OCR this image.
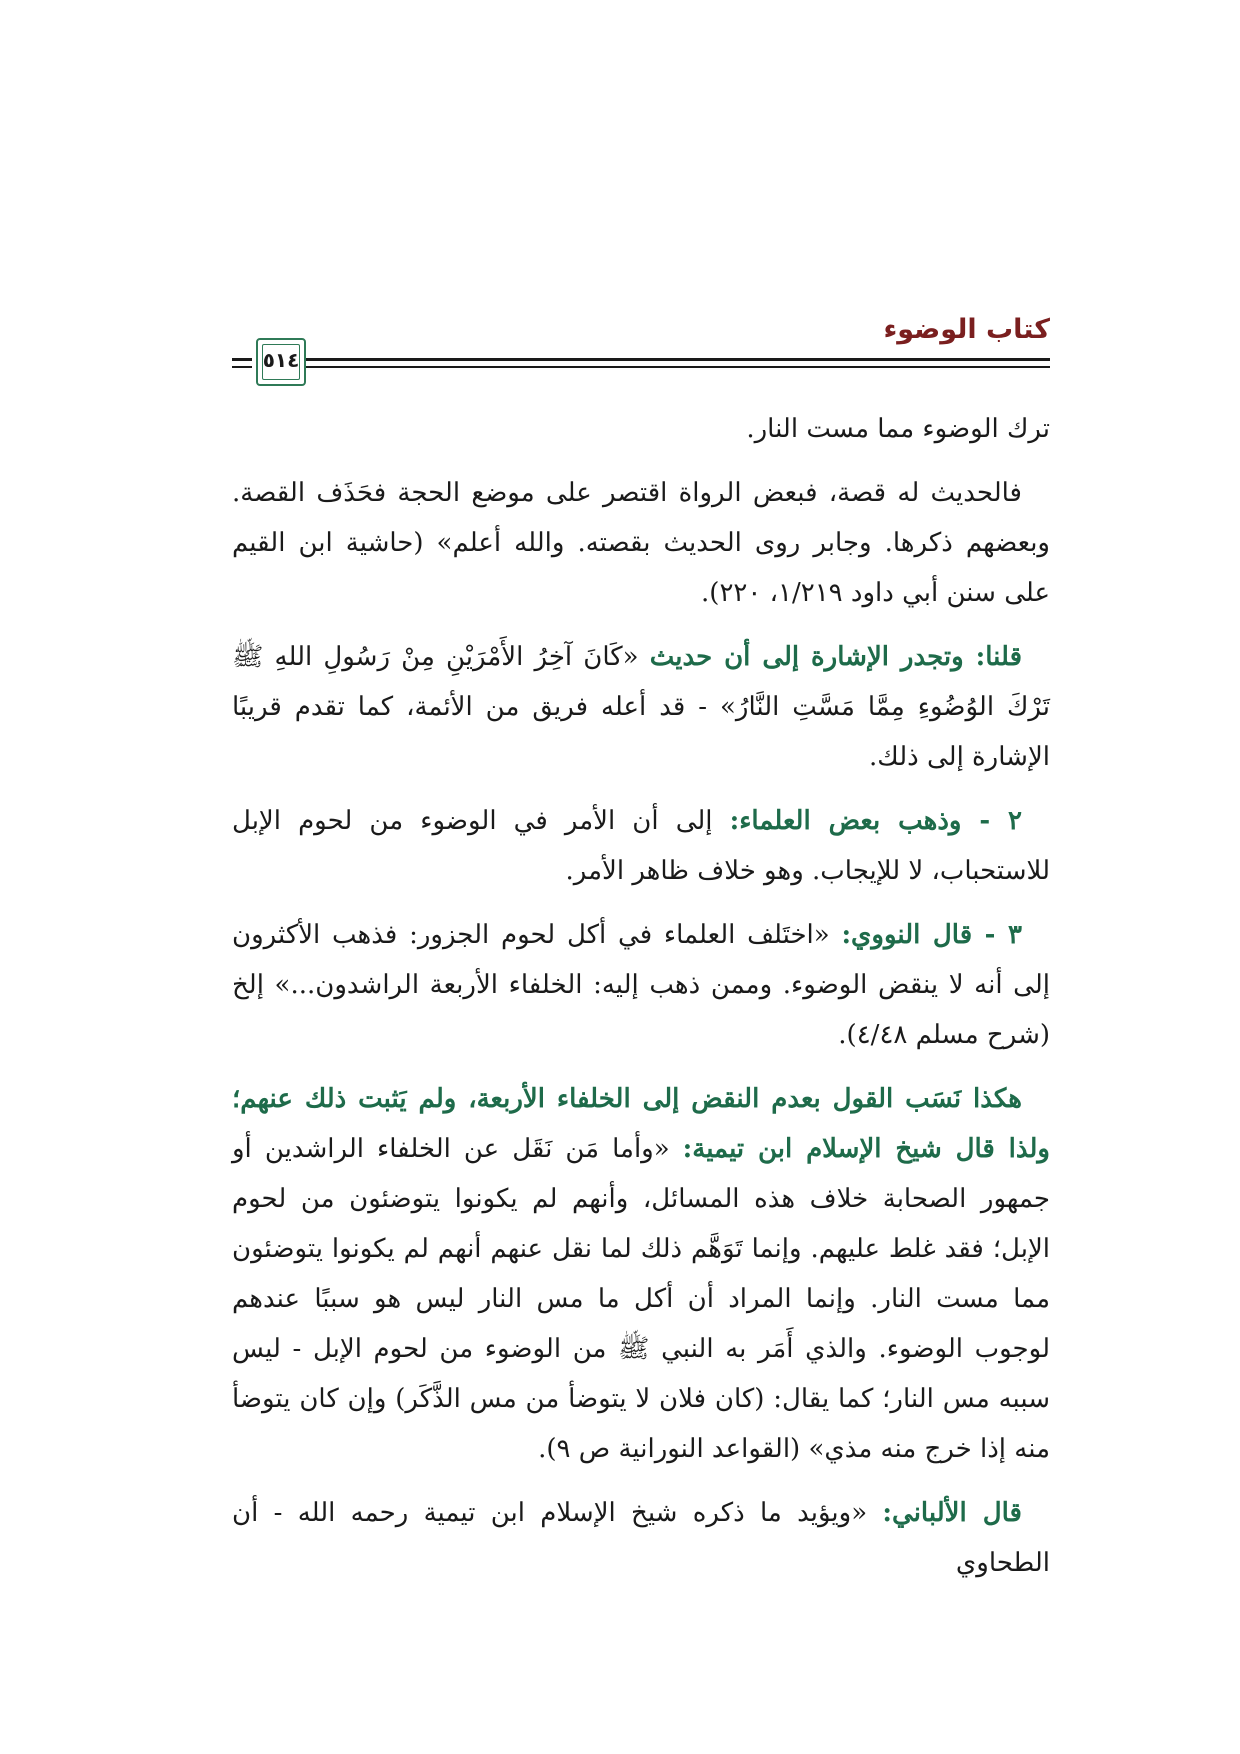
٥١٤
كتاب الوضوء

ترك الوضوء مما مست النار.

فالحديث له قصة، فبعض الرواة اقتصر على موضع الحجة فحَذَف القصة. وبعضهم ذكرها. وجابر روى الحديث بقصته. والله أعلم» (حاشية ابن القيم على سنن أبي داود ١/٢١٩، ٢٢٠).

قلنا: وتجدر الإشارة إلى أن حديث «كَانَ آخِرُ الأَمْرَيْنِ مِنْ رَسُولِ اللهِ ﷺ تَرْكَ الوُضُوءِ مِمَّا مَسَّتِ النَّارُ» - قد أعله فريق من الأئمة، كما تقدم قريبًا الإشارة إلى ذلك.

٢ - وذهب بعض العلماء: إلى أن الأمر في الوضوء من لحوم الإبل للاستحباب، لا للإيجاب. وهو خلاف ظاهر الأمر.

٣ - قال النووي: «اختَلف العلماء في أكل لحوم الجزور: فذهب الأكثرون إلى أنه لا ينقض الوضوء. وممن ذهب إليه: الخلفاء الأربعة الراشدون...» إلخ (شرح مسلم ٤/٤٨).

هكذا نَسَب القول بعدم النقض إلى الخلفاء الأربعة، ولم يَثبت ذلك عنهم؛ ولذا قال شيخ الإسلام ابن تيمية: «وأما مَن نَقَل عن الخلفاء الراشدين أو جمهور الصحابة خلاف هذه المسائل، وأنهم لم يكونوا يتوضئون من لحوم الإبل؛ فقد غلط عليهم. وإنما تَوَهَّم ذلك لما نقل عنهم أنهم لم يكونوا يتوضئون مما مست النار. وإنما المراد أن أكل ما مس النار ليس هو سببًا عندهم لوجوب الوضوء. والذي أَمَر به النبي ﷺ من الوضوء من لحوم الإبل - ليس سببه مس النار؛ كما يقال: (كان فلان لا يتوضأ من مس الذَّكَر) وإن كان يتوضأ منه إذا خرج منه مذي» (القواعد النورانية ص ٩).

قال الألباني: «ويؤيد ما ذكره شيخ الإسلام ابن تيمية رحمه الله - أن الطحاوي
